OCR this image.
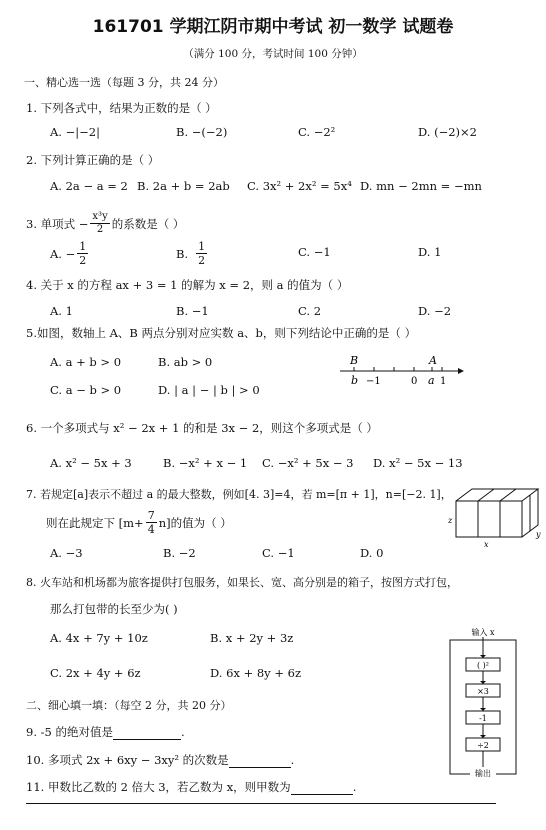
161701 学期江阴市期中考试 初一数学 试题卷
（满分 100 分，考试时间 100 分钟）
一、精心选一选（每题 3 分，共 24 分）
1. 下列各式中，结果为正数的是（ ）
A. −|−2|	B. −(−2)	C. −2²	D. (−2)×2
2. 下列计算正确的是（ ）
A. 2a − a = 2 B. 2a + b = 2ab C. 3x² + 2x² = 5x⁴ D. mn − 2mn = −mn
3. 单项式 − $\frac{\text{x³y}}{2}$ 的系数是（ ）
A. − $\frac{1}{2}$	B. $\frac{1}{2}$	C. −1	D. 1
4. 关于 x 的方程 ax + 3 = 1 的解为 x = 2，则 a 的值为（ ）
A. 1	B. −1	C. 2	D. −2
5.如图，数轴上 A、B 两点分别对应实数 a、b，则下列结论中正确的是（ ）
A. a + b > 0	B. ab > 0
C. a − b > 0	D. | a | − | b | > 0
B	A
b −1	0 a 1
6. 一个多项式与 x² − 2x + 1 的和是 3x − 2，则这个多项式是（ ）
A. x² − 5x + 3	B. −x² + x − 1 C. −x² + 5x − 3 D. x² − 5x − 13
7. 若规定[a]表示不超过 a 的最大整数，例如[4. 3]=4，若 m=[π + 1]，n=[−2. 1]，
则在此规定下 $[m+ \frac{7}{4} n]$的值为（ ）
A. −3	B. −2	C. −1	D. 0
z
x
y
8. 火车站和机场都为旅客提供打包服务，如果长、宽、高分别是的箱子，按图方式打包，
那么打包带的长至少为( )
A. 4x + 7y + 10z	B. x + 2y + 3z
C. 2x + 4y + 6z	D. 6x + 8y + 6z
输入 x
( )²
×3
-1
÷2
输出
二、细心填一填：（每空 2 分，共 20 分）
9. -5 的绝对值是	.
10. 多项式 2x + 6xy − 3xy² 的次数是	.
11. 甲数比乙数的 2 倍大 3，若乙数为 x，则甲数为	.
